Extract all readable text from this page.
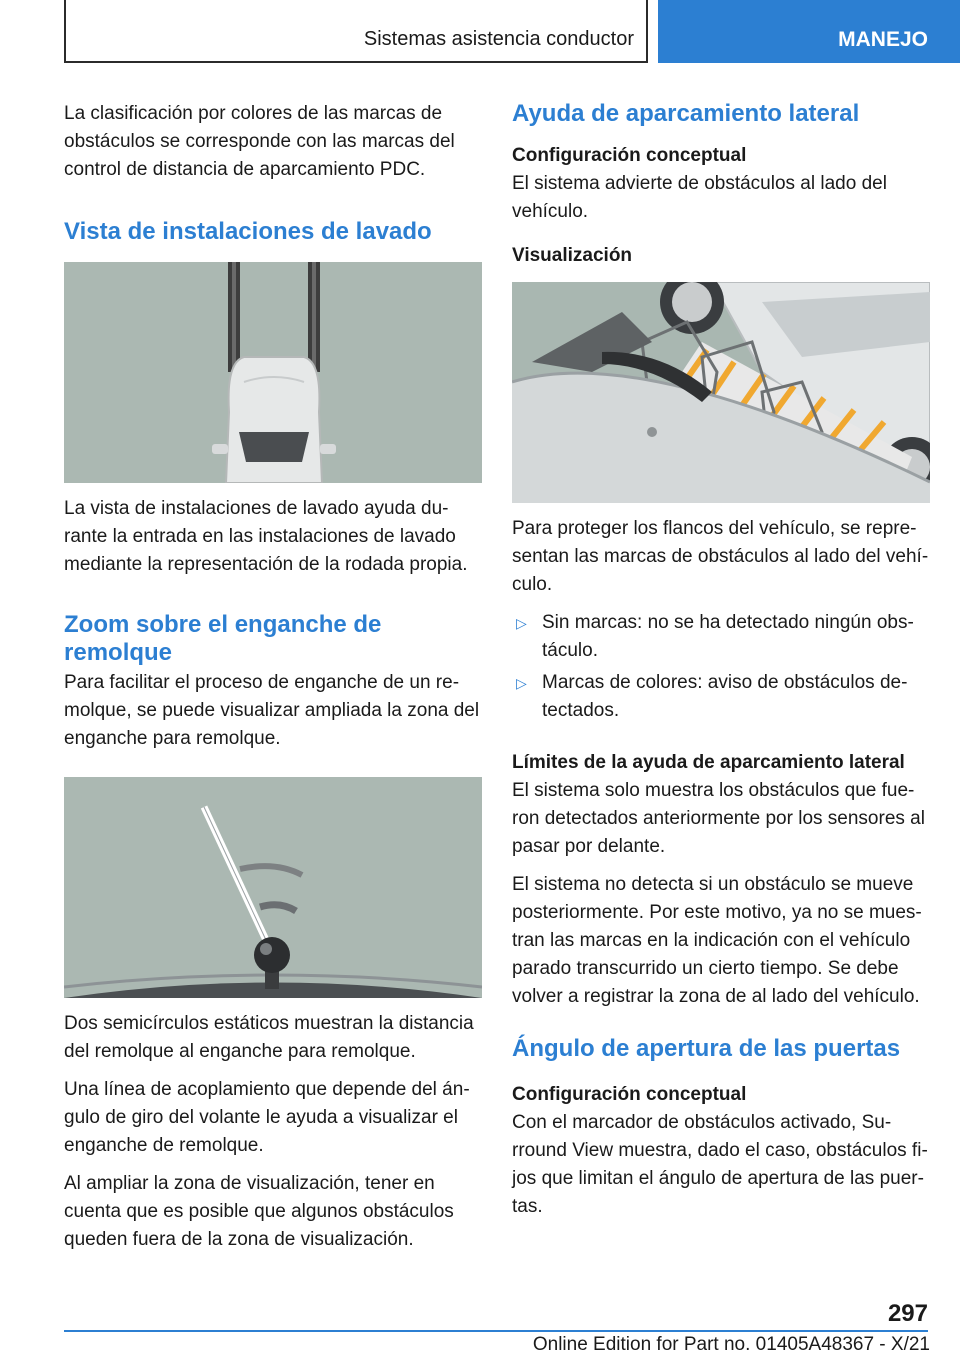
Sistemas asistencia conductor	MANEJO

La clasificación por colores de las marcas de obstáculos se corresponde con las marcas del control de distancia de aparcamiento PDC.

Vista de instalaciones de lavado

La vista de instalaciones de lavado ayuda durante la entrada en las instalaciones de lavado mediante la representación de la rodada propia.

Zoom sobre el enganche de remolque

Para facilitar el proceso de enganche de un remolque, se puede visualizar ampliada la zona del enganche para remolque.

Dos semicírculos estáticos muestran la distancia del remolque al enganche para remolque.

Una línea de acoplamiento que depende del ángulo de giro del volante le ayuda a visualizar el enganche de remolque.

Al ampliar la zona de visualización, tener en cuenta que es posible que algunos obstáculos queden fuera de la zona de visualización.

Ayuda de aparcamiento lateral
Configuración conceptual

El sistema advierte de obstáculos al lado del vehículo.

Visualización

Para proteger los flancos del vehículo, se representan las marcas de obstáculos al lado del vehículo.

▷ Sin marcas: no se ha detectado ningún obstáculo.
▷ Marcas de colores: aviso de obstáculos detectados.
Límites de la ayuda de aparcamiento lateral

El sistema solo muestra los obstáculos que fueron detectados anteriormente por los sensores al pasar por delante.

El sistema no detecta si un obstáculo se mueve posteriormente. Por este motivo, ya no se muestran las marcas en la indicación con el vehículo parado transcurrido un cierto tiempo. Se debe volver a registrar la zona de al lado del vehículo.

Ángulo de apertura de las puertas
Configuración conceptual

Con el marcador de obstáculos activado, Surround View muestra, dado el caso, obstáculos fijos que limitan el ángulo de apertura de las puertas.

297
Online Edition for Part no. 01405A48367 - X/21
